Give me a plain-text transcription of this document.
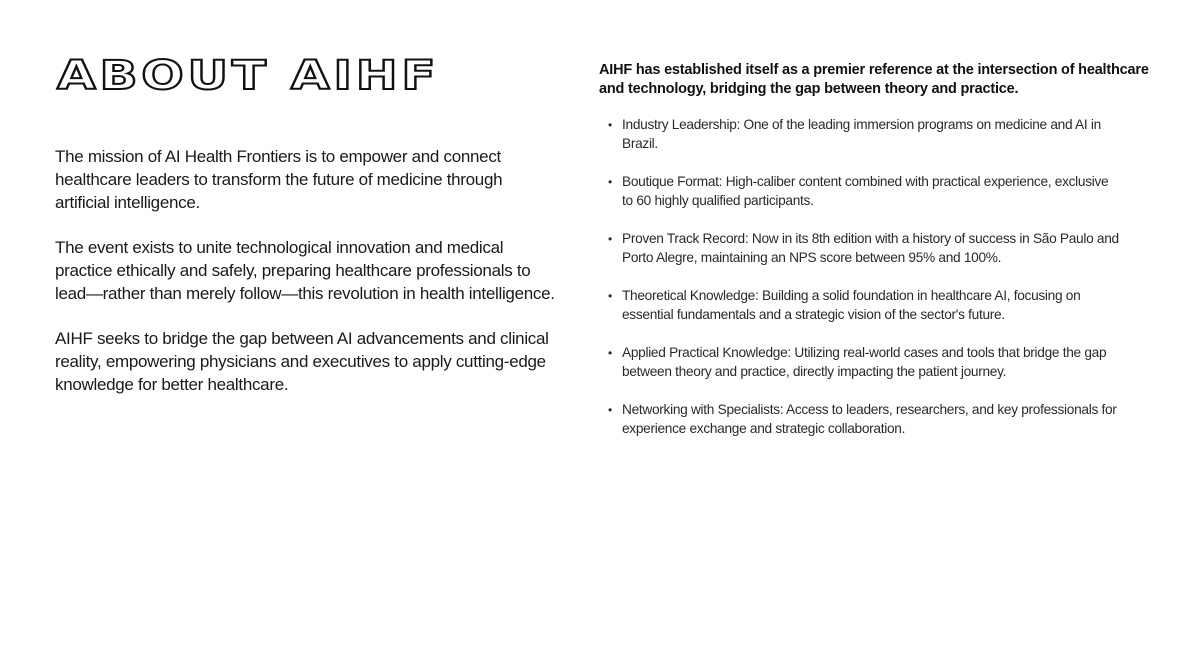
ABOUT AIHF

The mission of AI Health Frontiers is to empower and connect healthcare leaders to transform the future of medicine through artificial intelligence.

The event exists to unite technological innovation and medical practice ethically and safely, preparing healthcare professionals to lead—rather than merely follow—this revolution in health intelligence.

AIHF seeks to bridge the gap between AI advancements and clinical reality, empowering physicians and executives to apply cutting-edge knowledge for better healthcare.

AIHF has established itself as a premier reference at the intersection of healthcare and technology, bridging the gap between theory and practice.

• Industry Leadership: One of the leading immersion programs on medicine and AI in Brazil.
• Boutique Format: High-caliber content combined with practical experience, exclusive to 60 highly qualified participants.
• Proven Track Record: Now in its 8th edition with a history of success in São Paulo and Porto Alegre, maintaining an NPS score between 95% and 100%.
• Theoretical Knowledge: Building a solid foundation in healthcare AI, focusing on essential fundamentals and a strategic vision of the sector's future.
• Applied Practical Knowledge: Utilizing real-world cases and tools that bridge the gap between theory and practice, directly impacting the patient journey.
• Networking with Specialists: Access to leaders, researchers, and key professionals for experience exchange and strategic collaboration.
